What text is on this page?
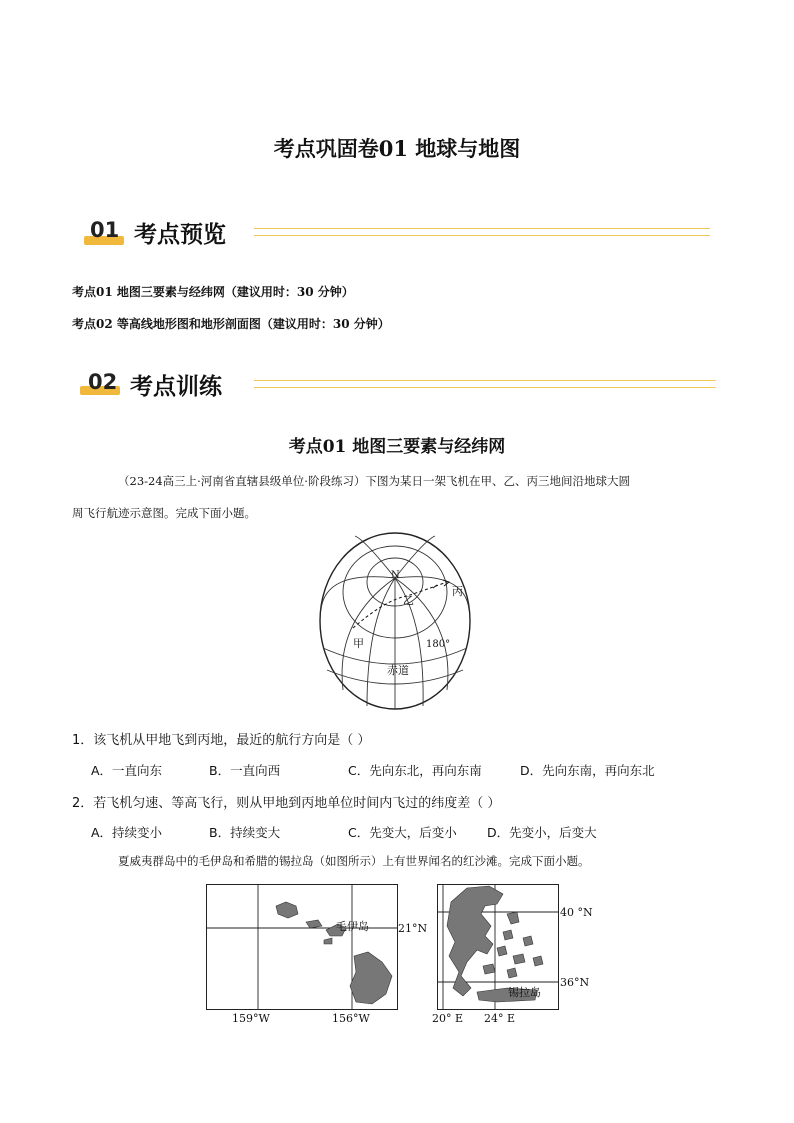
考点巩固卷01 地球与地图
01 考点预览
考点01 地图三要素与经纬网（建议用时：30 分钟）
考点02 等高线地形图和地形剖面图（建议用时：30 分钟）
02 考点训练
考点01 地图三要素与经纬网
（23-24高三上·河南省直辖县级单位·阶段练习）下图为某日一架飞机在甲、乙、丙三地间沿地球大圆
周飞行航迹示意图。完成下面小题。
N
乙
丙
甲	180°
赤道
1．该飞机从甲地飞到丙地，最近的航行方向是（ ）
A．一直向东	B．一直向西	C．先向东北，再向东南	D．先向东南，再向东北
2．若飞机匀速、等高飞行，则从甲地到丙地单位时间内飞过的纬度差（ ）
A．持续变小	B．持续变大	C．先变大，后变小 D．先变小，后变大
夏威夷群岛中的毛伊岛和希腊的锡拉岛（如图所示）上有世界闻名的红沙滩。完成下面小题。
毛伊岛	21°N
159°W	156°W
40 °N
36°N
锡拉岛
20° E 24° E
